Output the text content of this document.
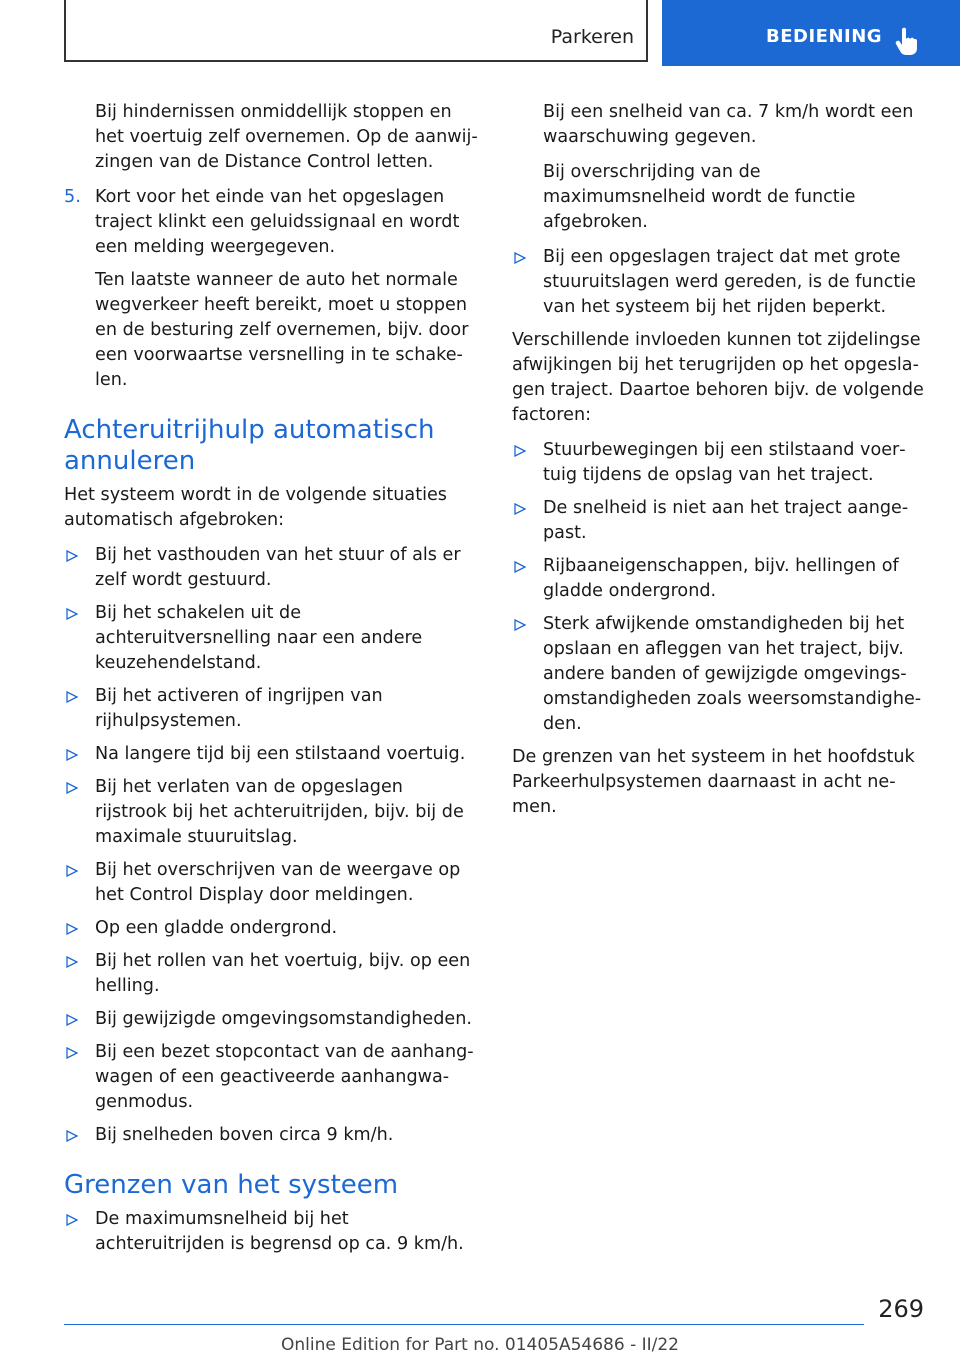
Parkeren	BEDIENING

Bij hindernissen onmiddellijk stoppen en het voertuig zelf overnemen. Op de aanwijzingen van de Distance Control letten.

5. Kort voor het einde van het opgeslagen traject klinkt een geluidssignaal en wordt een melding weergegeven.

Ten laatste wanneer de auto het normale wegverkeer heeft bereikt, moet u stoppen en de besturing zelf overnemen, bijv. door een voorwaartse versnelling in te schakelen.

Achteruitrijhulp automatisch annuleren

Het systeem wordt in de volgende situaties automatisch afgebroken:

Bij het vasthouden van het stuur of als er zelf wordt gestuurd.
Bij het schakelen uit de achteruitversnelling naar een andere keuzehendelstand.
Bij het activeren of ingrijpen van rijhulpsystemen.
Na langere tijd bij een stilstaand voertuig.
Bij het verlaten van de opgeslagen rijstrook bij het achteruitrijden, bijv. bij de maximale stuuruitslag.
Bij het overschrijven van de weergave op het Control Display door meldingen.
Op een gladde ondergrond.
Bij het rollen van het voertuig, bijv. op een helling.
Bij gewijzigde omgevingsomstandigheden.
Bij een bezet stopcontact van de aanhangwagen of een geactiveerde aanhangwagenmodus.
Bij snelheden boven circa 9 km/h.
Grenzen van het systeem
De maximumsnelheid bij het achteruitrijden is begrensd op ca. 9 km/h.

Bij een snelheid van ca. 7 km/h wordt een waarschuwing gegeven.

Bij overschrijding van de maximumsnelheid wordt de functie afgebroken.

Bij een opgeslagen traject dat met grote stuuruitslagen werd gereden, is de functie van het systeem bij het rijden beperkt.

Verschillende invloeden kunnen tot zijdelingse afwijkingen bij het terugrijden op het opgeslagen traject. Daartoe behoren bijv. de volgende factoren:

Stuurbewegingen bij een stilstaand voertuig tijdens de opslag van het traject.
De snelheid is niet aan het traject aangepast.
Rijbaaneigenschappen, bijv. hellingen of gladde ondergrond.
Sterk afwijkende omstandigheden bij het opslaan en afleggen van het traject, bijv. andere banden of gewijzigde omgevingsomstandigheden zoals weersomstandigheden.

De grenzen van het systeem in het hoofdstuk Parkeerhulpsystemen daarnaast in acht nemen.

269
Online Edition for Part no. 01405A54686 - II/22
